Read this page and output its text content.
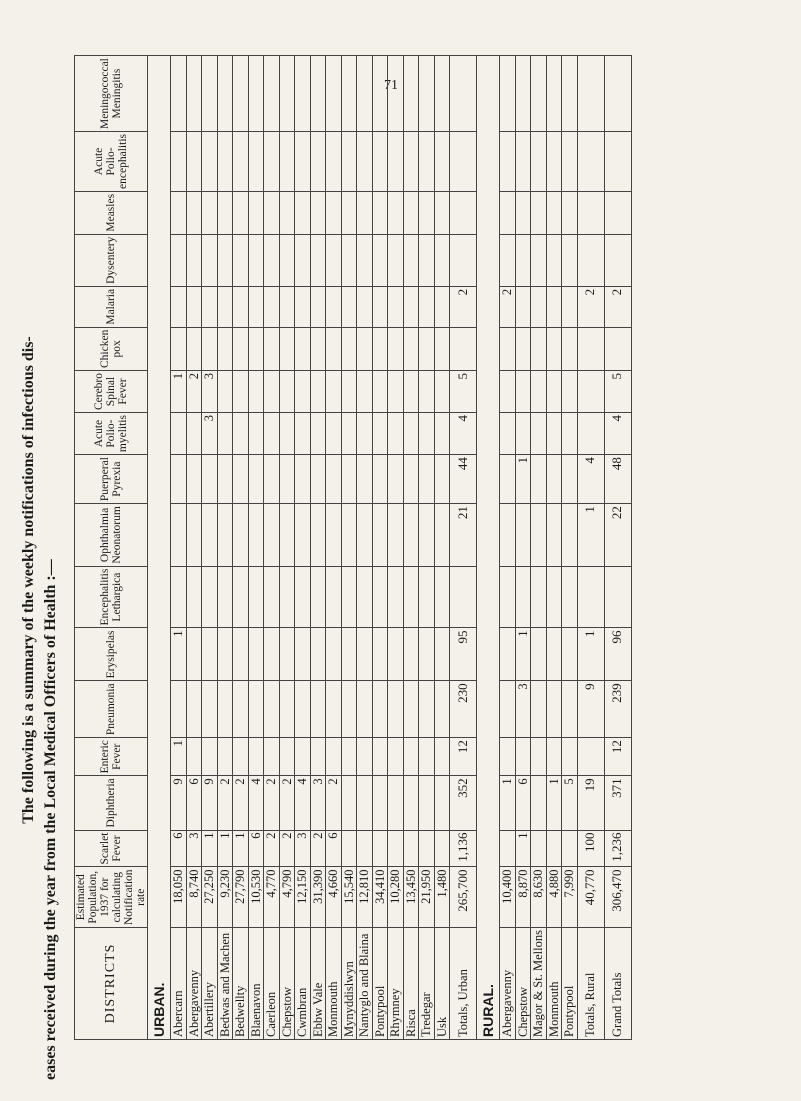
71
The following is a summary of the weekly notifications of infectious dis- eases received during the year from the Local Medical Officers of Health :—	DISTRICTS	Estimated Population, 1937 for calculating Notification rate	Scarlet Fever	Diphtheria	Enteric Fever	Pneumonia	Erysipelas	Encephalitis Lethargica	Ophthalmia Neonatorum	Puerperal Pyrexia	Acute Polio-myelitis	Cerebro Spinal Fever	Chicken pox	Malaria	Dysentery	Measles	Acute Polio-encephalitis	Meningococcal Meningitis
URBAN.																	
Abercarn	18,050	6	9	1		1					1						
Abergavenny	8,740	3	6								2						
Abertillery	27,250	1	9							3	3						
Bedwas and Machen	9,230	1	2														
Bedwellty	27,790	1	2														
Blaenavon	10,530	6	4														
Caerleon	4,770	2	2														
Chepstow	4,790	2	2														
Cwmbran	12,150	3	4														
Ebbw Vale	31,390	2	3														
Monmouth	4,660	6	2														
Mynyddislwyn	15,540																
Nantyglo and Blaina	12,810																
Pontypool	34,410																
Rhymney	10,280																
Risca	13,450																
Tredegar	21,950																
Usk	1,480																
Totals, Urban	265,700	1,136	352	12	230	95		21	44	4	5		2				
RURAL.																	
Abergavenny	10,400		1										2				
Chepstow	8,870	1	6		3	1			1								
Magor & St. Mellons	8,630																
Monmouth	4,880		1														
Pontypool	7,990		5														
Totals, Rural	40,770	100	19		9	1		1	4				2				
Grand Totals	306,470	1,236	371	12	239	96		22	48	4	5		2				
